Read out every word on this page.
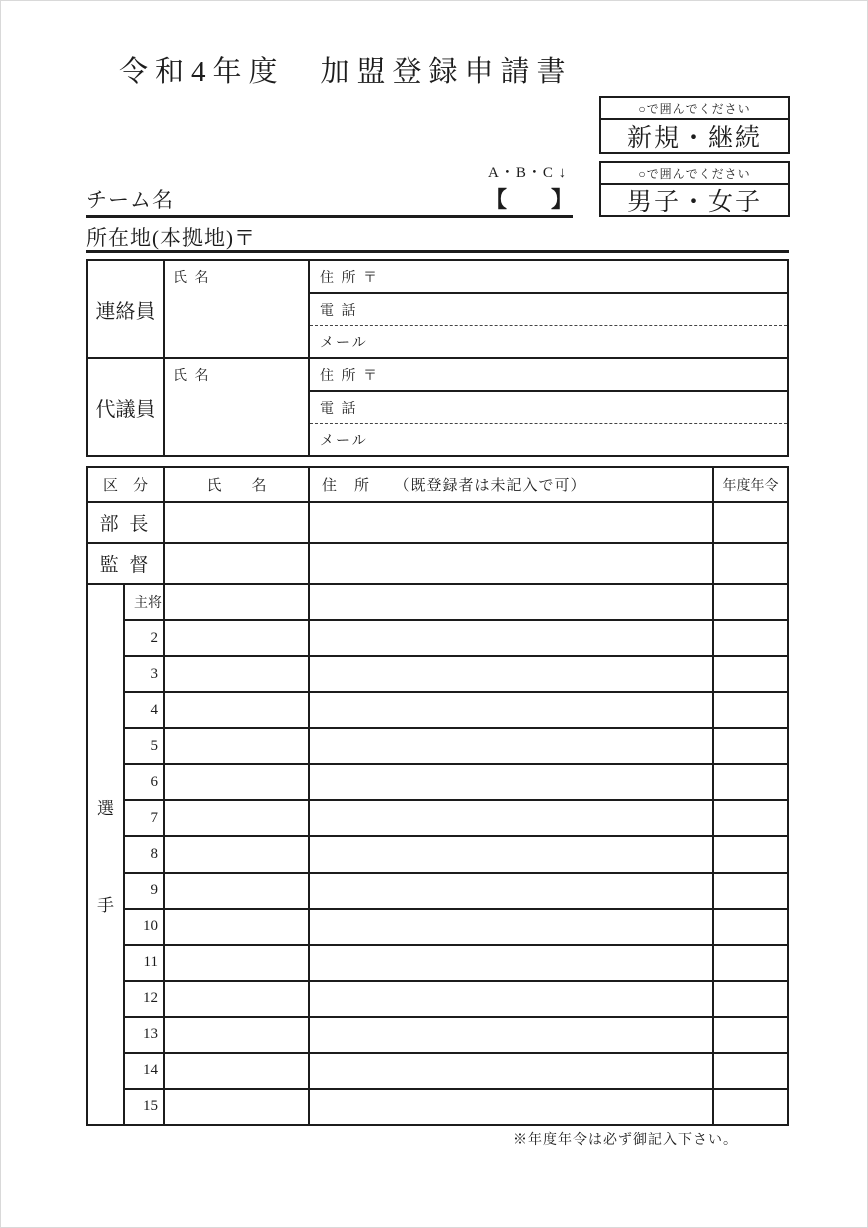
令和4年度　加盟登録申請書
○で囲んでください
新規・継続
A・B・C ↓	○で囲んでください
男子・女子
チーム名	【　　】
所在地(本拠地)〒
連絡員
氏 名	住 所 〒
電 話
メール
代議員
氏 名	住 所 〒
電 話
メール
区　分	氏　　名	住　所　　（既登録者は未記入で可）	年度年令
部 長
監 督
選
手
主将
2
3
4
5
6
7
8
9
10
11
12
13
14
15
※年度年令は必ず御記入下さい。
